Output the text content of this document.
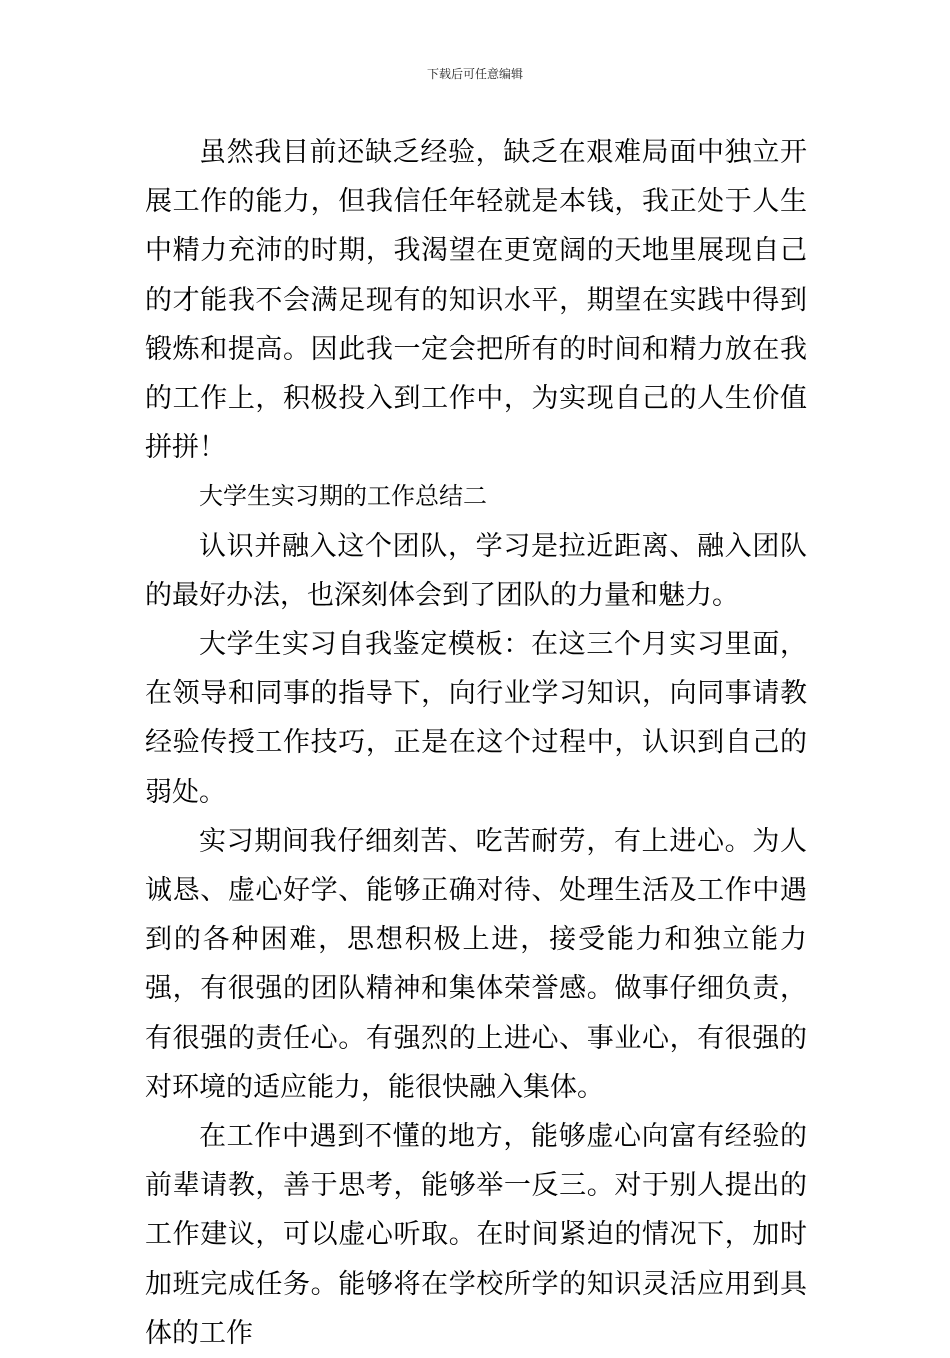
下载后可任意编辑

虽然我目前还缺乏经验，缺乏在艰难局面中独立开展工作的能力，但我信任年轻就是本钱，我正处于人生中精力充沛的时期，我渴望在更宽阔的天地里展现自己的才能我不会满足现有的知识水平，期望在实践中得到锻炼和提高。因此我一定会把所有的时间和精力放在我的工作上，积极投入到工作中，为实现自己的人生价值拼拼！

大学生实习期的工作总结二

认识并融入这个团队，学习是拉近距离、融入团队的最好办法，也深刻体会到了团队的力量和魅力。

大学生实习自我鉴定模板：在这三个月实习里面，在领导和同事的指导下，向行业学习知识，向同事请教经验传授工作技巧，正是在这个过程中，认识到自己的弱处。

实习期间我仔细刻苦、吃苦耐劳，有上进心。为人诚恳、虚心好学、能够正确对待、处理生活及工作中遇到的各种困难，思想积极上进，接受能力和独立能力强，有很强的团队精神和集体荣誉感。做事仔细负责，有很强的责任心。有强烈的上进心、事业心，有很强的对环境的适应能力，能很快融入集体。

在工作中遇到不懂的地方，能够虚心向富有经验的前辈请教，善于思考，能够举一反三。对于别人提出的工作建议，可以虚心听取。在时间紧迫的情况下，加时加班完成任务。能够将在学校所学的知识灵活应用到具体的工作
